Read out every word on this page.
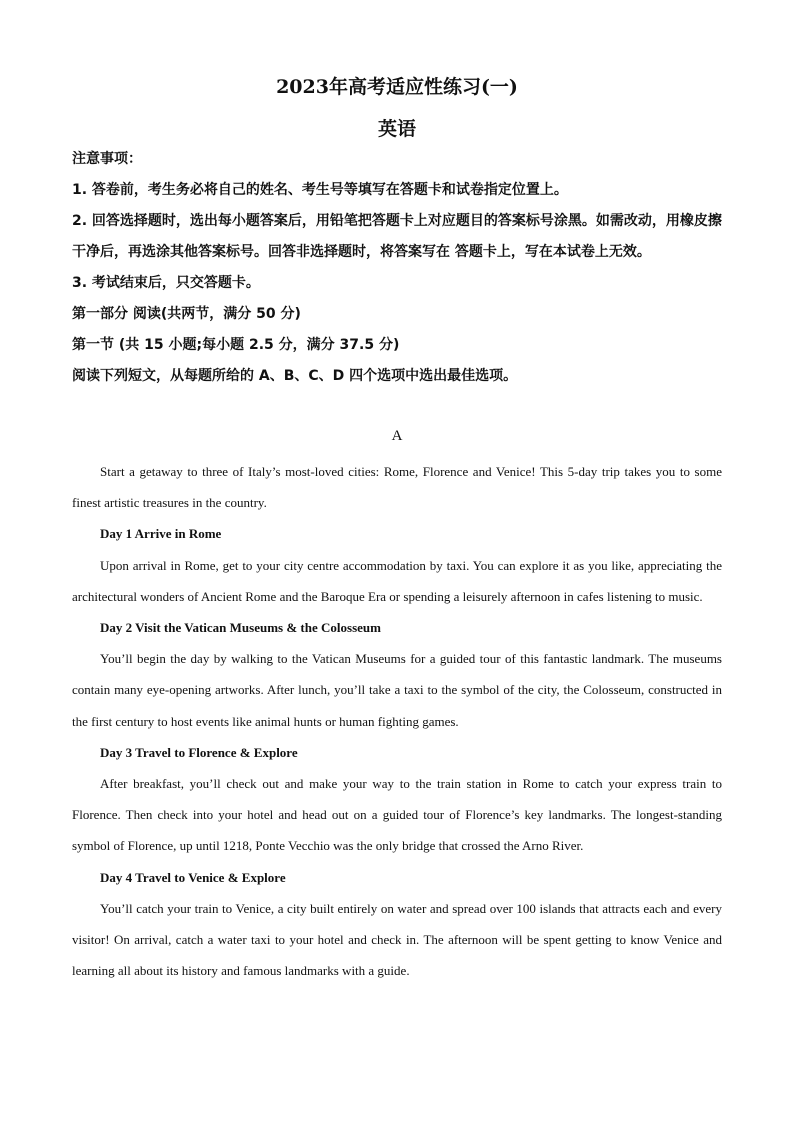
2023年高考适应性练习(一)
英语

注意事项：

1. 答卷前，考生务必将自己的姓名、考生号等填写在答题卡和试卷指定位置上。

2. 回答选择题时，选出每小题答案后，用铅笔把答题卡上对应题目的答案标号涂黑。如需改动，用橡皮擦干净后，再选涂其他答案标号。回答非选择题时，将答案写在 答题卡上，写在本试卷上无效。

3. 考试结束后，只交答题卡。

第一部分 阅读(共两节，满分 50 分)

第一节 (共 15 小题;每小题 2.5 分，满分 37.5 分)

阅读下列短文，从每题所给的 A、B、C、D 四个选项中选出最佳选项。

A

Start a getaway to three of Italy’s most-loved cities: Rome, Florence and Venice! This 5-day trip takes you to some finest artistic treasures in the country.

Day 1 Arrive in Rome

Upon arrival in Rome, get to your city centre accommodation by taxi. You can explore it as you like, appreciating the architectural wonders of Ancient Rome and the Baroque Era or spending a leisurely afternoon in cafes listening to music.

Day 2 Visit the Vatican Museums & the Colosseum

You’ll begin the day by walking to the Vatican Museums for a guided tour of this fantastic landmark. The museums contain many eye-opening artworks. After lunch, you’ll take a taxi to the symbol of the city, the Colosseum, constructed in the first century to host events like animal hunts or human fighting games.

Day 3 Travel to Florence & Explore

After breakfast, you’ll check out and make your way to the train station in Rome to catch your express train to Florence. Then check into your hotel and head out on a guided tour of Florence’s key landmarks. The longest-standing symbol of Florence, up until 1218, Ponte Vecchio was the only bridge that crossed the Arno River.

Day 4 Travel to Venice & Explore

You’ll catch your train to Venice, a city built entirely on water and spread over 100 islands that attracts each and every visitor! On arrival, catch a water taxi to your hotel and check in. The afternoon will be spent getting to know Venice and learning all about its history and famous landmarks with a guide.
